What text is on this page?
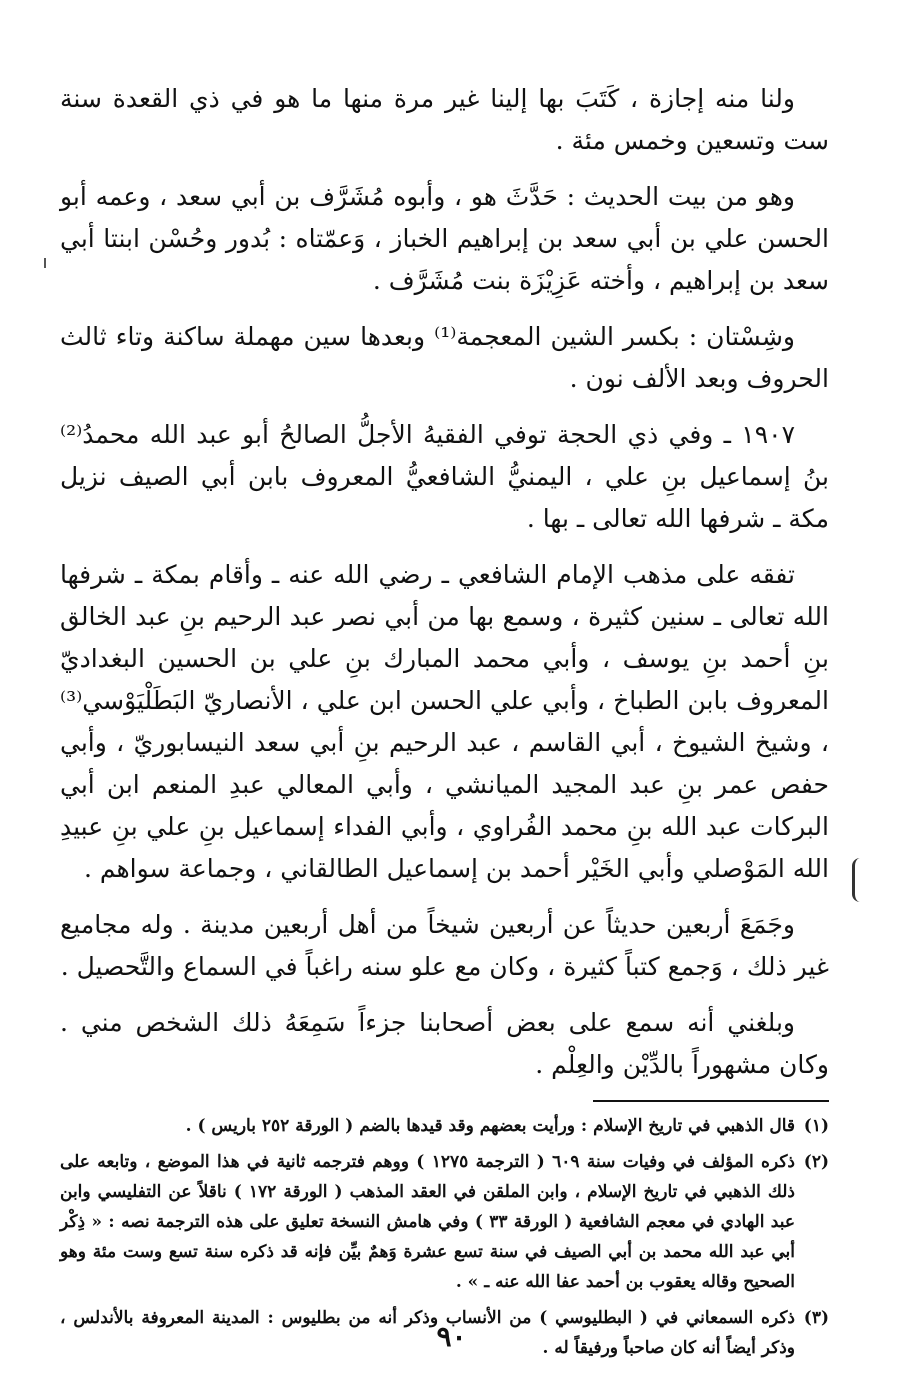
ولنا منه إجازة ، كَتَبَ بها إلينا غير مرة منها ما هو في ذي القعدة سنة ست وتسعين وخمس مئة .

وهو من بيت الحديث : حَدَّثَ هو ، وأبوه مُشَرَّف بن أبي سعد ، وعمه أبو الحسن علي بن أبي سعد بن إبراهيم الخباز ، وَعمّتاه : بُدور وحُسْن ابنتا أبي سعد بن إبراهيم ، وأخته عَزِيْزَة بنت مُشَرَّف .

وشِسْتان : بكسر الشين المعجمة⁽¹⁾ وبعدها سين مهملة ساكنة وتاء ثالث الحروف وبعد الألف نون .

١٩٠٧ ـ وفي ذي الحجة توفي الفقيهُ الأجلُّ الصالحُ أبو عبد الله محمدُ⁽²⁾ بنُ إسماعيل بنِ علي ، اليمنيُّ الشافعيُّ المعروف بابن أبي الصيف نزيل مكة ـ شرفها الله تعالى ـ بها .

تفقه على مذهب الإمام الشافعي ـ رضي الله عنه ـ وأقام بمكة ـ شرفها الله تعالى ـ سنين كثيرة ، وسمع بها من أبي نصر عبد الرحيم بنِ عبد الخالق بنِ أحمد بنِ يوسف ، وأبي محمد المبارك بنِ علي بن الحسين البغداديّ المعروف بابن الطباخ ، وأبي علي الحسن ابن علي ، الأنصاريّ البَطَلْيَوْسي⁽³⁾ ، وشيخ الشيوخ ، أبي القاسم ، عبد الرحيم بنِ أبي سعد النيسابوريّ ، وأبي حفص عمر بنِ عبد المجيد الميانشي ، وأبي المعالي عبدِ المنعم ابن أبي البركات عبد الله بنِ محمد الفُراوي ، وأبي الفداء إسماعيل بنِ علي بنِ عبيدِ الله المَوْصلي وأبي الخَيْر أحمد بن إسماعيل الطالقاني ، وجماعة سواهم .

وجَمَعَ أربعين حديثاً عن أربعين شيخاً من أهل أربعين مدينة . وله مجاميع غير ذلك ، وَجمع كتباً كثيرة ، وكان مع علو سنه راغباً في السماع والتَّحصيل .

وبلغني أنه سمع على بعض أصحابنا جزءاً سَمِعَهُ ذلك الشخص مني . وكان مشهوراً بالدِّيْن والعِلْم .

(١)
قال الذهبي في تاريخ الإسلام : ورأيت بعضهم وقد قيدها بالضم ( الورقة ٢٥٢ باريس ) .

(٢)
ذكره المؤلف في وفيات سنة ٦٠٩ ( الترجمة ١٢٧٥ ) ووهم فترجمه ثانية في هذا الموضع ، وتابعه على ذلك الذهبي في تاريخ الإسلام ، وابن الملقن في العقد المذهب ( الورقة ١٧٢ ) ناقلاً عن التفليسي وابن عبد الهادي في معجم الشافعية ( الورقة ٣٣ ) وفي هامش النسخة تعليق على هذه الترجمة نصه : « ذِكْر أبي عبد الله محمد بن أبي الصيف في سنة تسع عشرة وَهمٌ بيِّن فإنه قد ذكره سنة تسع وست مئة وهو الصحيح وقاله يعقوب بن أحمد عفا الله عنه ـ » .

(٣)
ذكره السمعاني في ( البطليوسي ) من الأنساب وذكر أنه من بطليوس : المدينة المعروفة بالأندلس ، وذكر أيضاً أنه كان صاحباً ورفيقاً له .

٩٠
